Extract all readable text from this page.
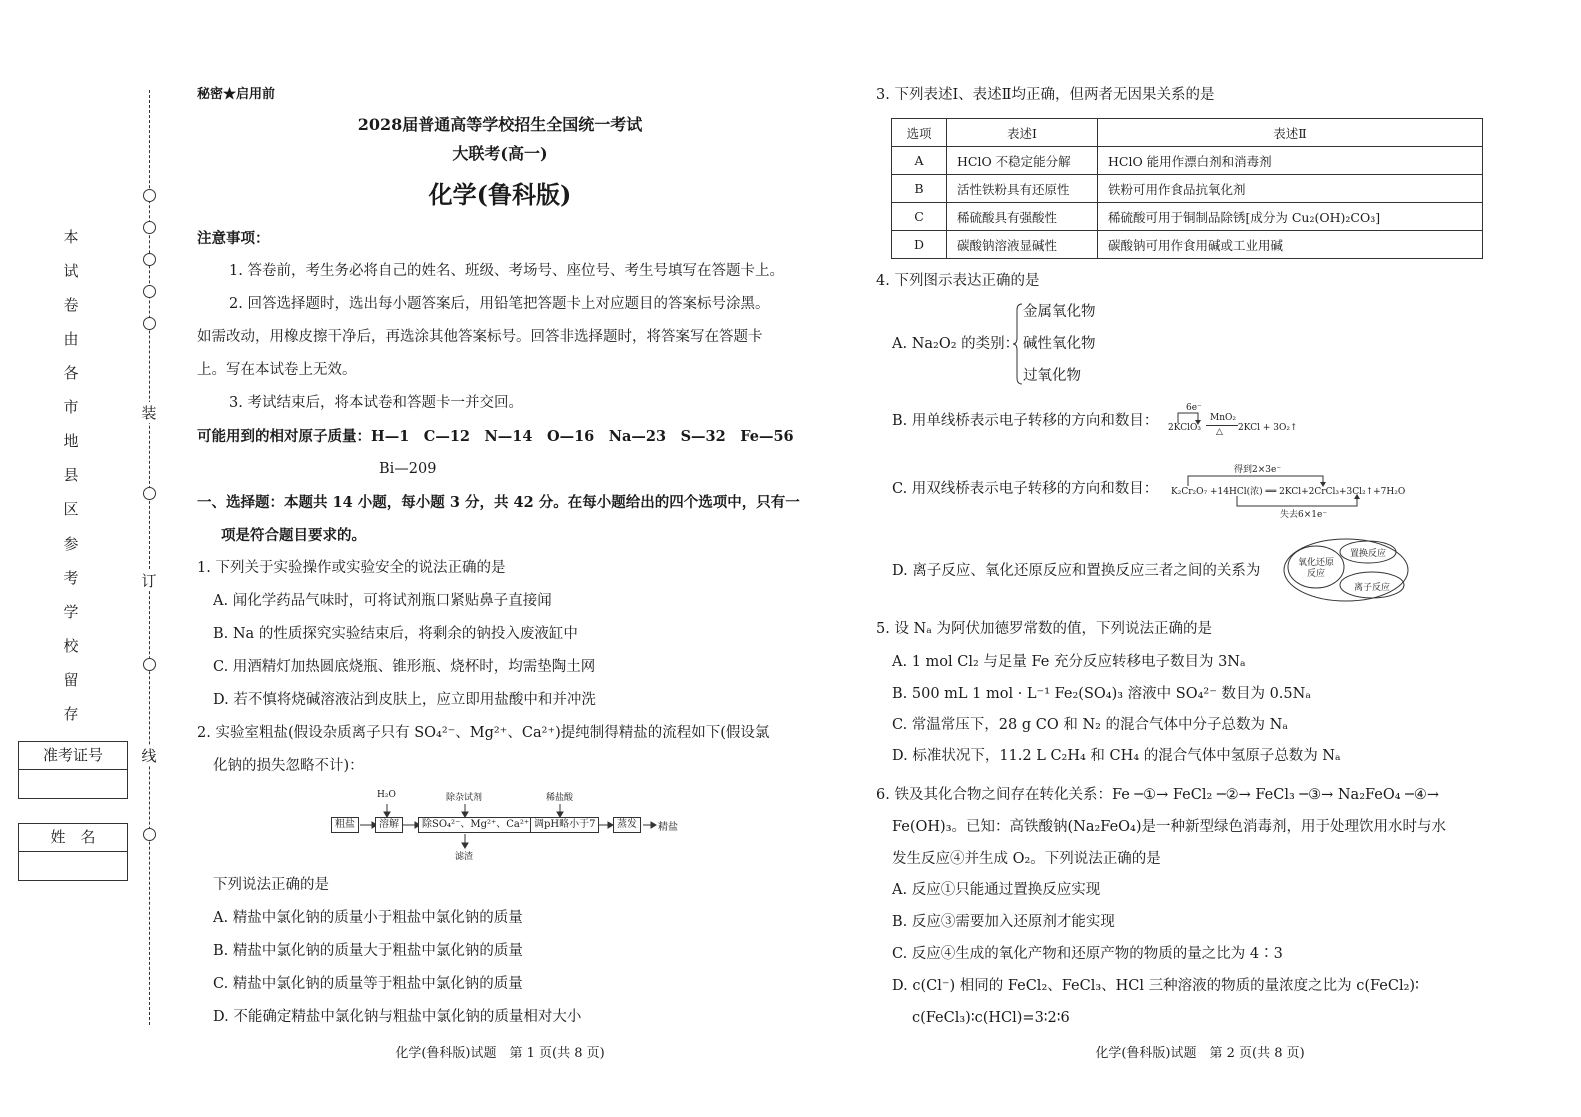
装
订
线
本
试
卷
由
各
市
地
县
区
参
考
学
校
留
存
准考证号
姓　名
秘密★启用前
2028届普通高等学校招生全国统一考试
大联考(高一)
化学(鲁科版)
注意事项：
1. 答卷前，考生务必将自己的姓名、班级、考场号、座位号、考生号填写在答题卡上。
2. 回答选择题时，选出每小题答案后，用铅笔把答题卡上对应题目的答案标号涂黑。
如需改动，用橡皮擦干净后，再选涂其他答案标号。回答非选择题时，将答案写在答题卡
上。写在本试卷上无效。
3. 考试结束后，将本试卷和答题卡一并交回。
可能用到的相对原子质量：H—1　C—12　N—14　O—16　Na—23　S—32　Fe—56
Bi—209
一、选择题：本题共 14 小题，每小题 3 分，共 42 分。在每小题给出的四个选项中，只有一
项是符合题目要求的。
1. 下列关于实验操作或实验安全的说法正确的是
A. 闻化学药品气味时，可将试剂瓶口紧贴鼻子直接闻
B. Na 的性质探究实验结束后，将剩余的钠投入废液缸中
C. 用酒精灯加热圆底烧瓶、锥形瓶、烧杯时，均需垫陶土网
D. 若不慎将烧碱溶液沾到皮肤上，应立即用盐酸中和并冲洗
2. 实验室粗盐(假设杂质离子只有 SO₄²⁻、Mg²⁺、Ca²⁺)提纯制得精盐的流程如下(假设氯
化钠的损失忽略不计)：
H₂O	除杂试剂	稀盐酸
粗盐	溶解	除SO₄²⁻、Mg²⁺、Ca²⁺ 调pH略小于7	蒸发	精盐
滤渣
下列说法正确的是
A. 精盐中氯化钠的质量小于粗盐中氯化钠的质量
B. 精盐中氯化钠的质量大于粗盐中氯化钠的质量
C. 精盐中氯化钠的质量等于粗盐中氯化钠的质量
D. 不能确定精盐中氯化钠与粗盐中氯化钠的质量相对大小
化学(鲁科版)试题　第 1 页(共 8 页)
3. 下列表述Ⅰ、表述Ⅱ均正确，但两者无因果关系的是
选项	表述Ⅰ	表述Ⅱ
A	HClO 不稳定能分解	HClO 能用作漂白剂和消毒剂
B	活性铁粉具有还原性	铁粉可用作食品抗氧化剂
C	稀硫酸具有强酸性	稀硫酸可用于铜制品除锈[成分为 Cu₂(OH)₂CO₃]
D	碳酸钠溶液显碱性	碳酸钠可用作食用碱或工业用碱
4. 下列图示表达正确的是
A. Na₂O₂ 的类别：
金属氧化物
碱性氧化物
过氧化物
B. 用单线桥表示电子转移的方向和数目：
6e⁻
2KClO₃
MnO₂
△ 2KCl + 3O₂↑
C. 用双线桥表示电子转移的方向和数目：
得到2×3e⁻
K₂Cr₂O₇ +14HCl(浓) ══ 2KCl+2CrCl₃+3Cl₂↑+7H₂O
失去6×1e⁻
D. 离子反应、氧化还原反应和置换反应三者之间的关系为	氧化还原反应
置换反应
离子反应
5. 设 Nₐ 为阿伏加德罗常数的值，下列说法正确的是
A. 1 mol Cl₂ 与足量 Fe 充分反应转移电子数目为 3Nₐ
B. 500 mL 1 mol · L⁻¹ Fe₂(SO₄)₃ 溶液中 SO₄²⁻ 数目为 0.5Nₐ
C. 常温常压下，28 g CO 和 N₂ 的混合气体中分子总数为 Nₐ
D. 标准状况下，11.2 L C₂H₄ 和 CH₄ 的混合气体中氢原子总数为 Nₐ
6. 铁及其化合物之间存在转化关系：Fe ─①→ FeCl₂ ─②→ FeCl₃ ─③→ Na₂FeO₄ ─④→
Fe(OH)₃。已知：高铁酸钠(Na₂FeO₄)是一种新型绿色消毒剂，用于处理饮用水时与水
发生反应④并生成 O₂。下列说法正确的是
A. 反应①只能通过置换反应实现
B. 反应③需要加入还原剂才能实现
C. 反应④生成的氧化产物和还原产物的物质的量之比为 4∶3
D. c(Cl⁻) 相同的 FeCl₂、FeCl₃、HCl 三种溶液的物质的量浓度之比为 c(FeCl₂)∶
c(FeCl₃)∶c(HCl)=3∶2∶6
化学(鲁科版)试题　第 2 页(共 8 页)
